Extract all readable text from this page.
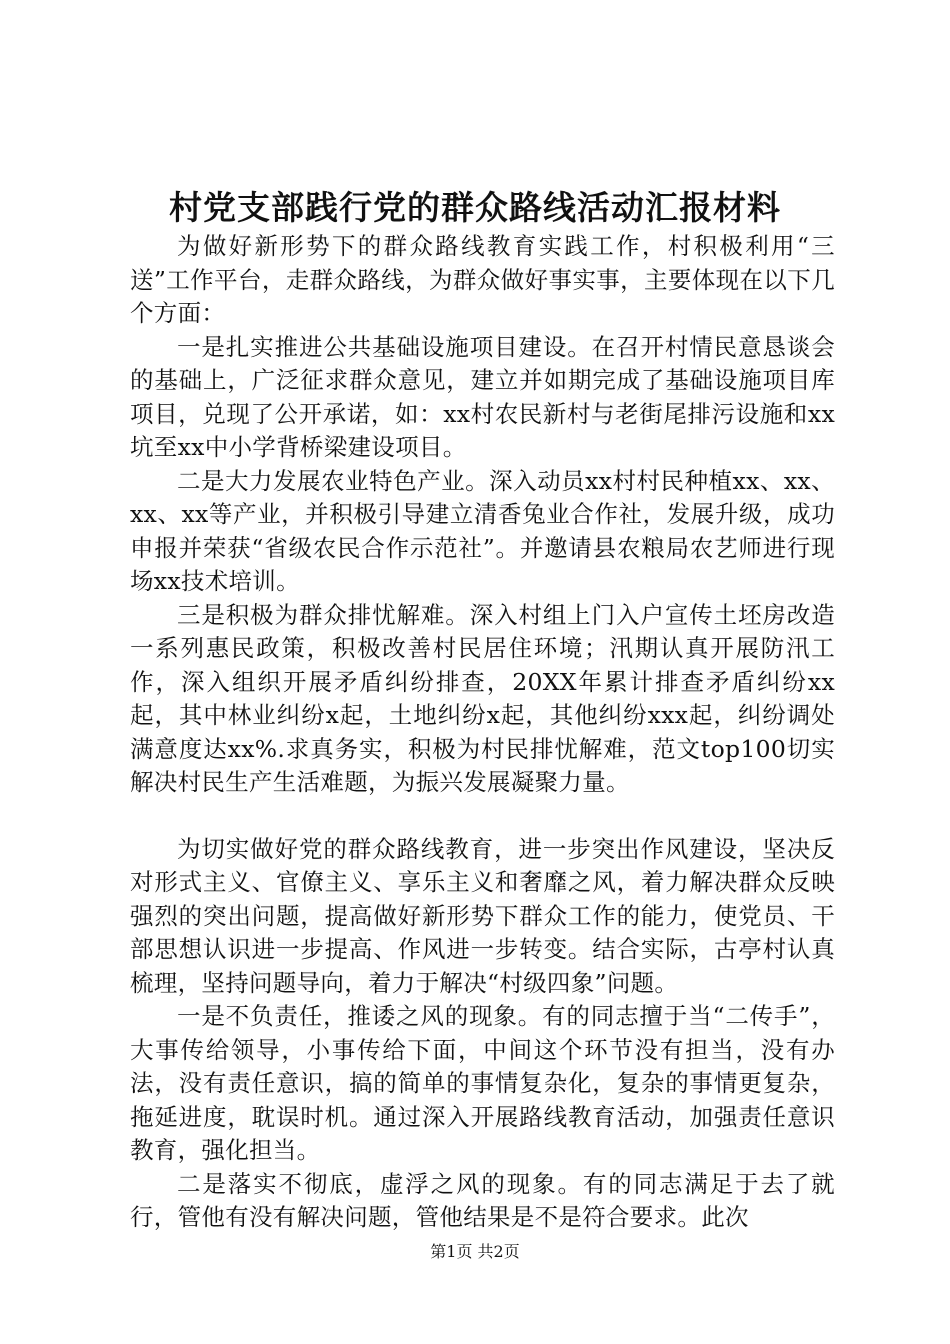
村党支部践行党的群众路线活动汇报材料

为做好新形势下的群众路线教育实践工作，村积极利用“三送”工作平台，走群众路线，为群众做好事实事，主要体现在以下几个方面：

一是扎实推进公共基础设施项目建设。在召开村情民意恳谈会的基础上，广泛征求群众意见，建立并如期完成了基础设施项目库项目，兑现了公开承诺，如：xx村农民新村与老街尾排污设施和xx坑至xx中小学背桥梁建设项目。

二是大力发展农业特色产业。深入动员xx村村民种植xx、xx、xx、xx等产业，并积极引导建立清香兔业合作社，发展升级，成功申报并荣获“省级农民合作示范社”。并邀请县农粮局农艺师进行现场xx技术培训。

三是积极为群众排忧解难。深入村组上门入户宣传土坯房改造一系列惠民政策，积极改善村民居住环境；汛期认真开展防汛工作，深入组织开展矛盾纠纷排查，20XX年累计排查矛盾纠纷xx起，其中林业纠纷x起，土地纠纷x起，其他纠纷xxx起，纠纷调处满意度达xx%.求真务实，积极为村民排忧解难，范文top100切实解决村民生产生活难题，为振兴发展凝聚力量。

为切实做好党的群众路线教育，进一步突出作风建设，坚决反对形式主义、官僚主义、享乐主义和奢靡之风，着力解决群众反映强烈的突出问题，提高做好新形势下群众工作的能力，使党员、干部思想认识进一步提高、作风进一步转变。结合实际，古亭村认真梳理，坚持问题导向，着力于解决“村级四象”问题。

一是不负责任，推诿之风的现象。有的同志擅于当“二传手”，大事传给领导，小事传给下面，中间这个环节没有担当，没有办法，没有责任意识，搞的简单的事情复杂化，复杂的事情更复杂，拖延进度，耽误时机。通过深入开展路线教育活动，加强责任意识教育，强化担当。

二是落实不彻底，虚浮之风的现象。有的同志满足于去了就行，管他有没有解决问题，管他结果是不是符合要求。此次

第1页 共2页
